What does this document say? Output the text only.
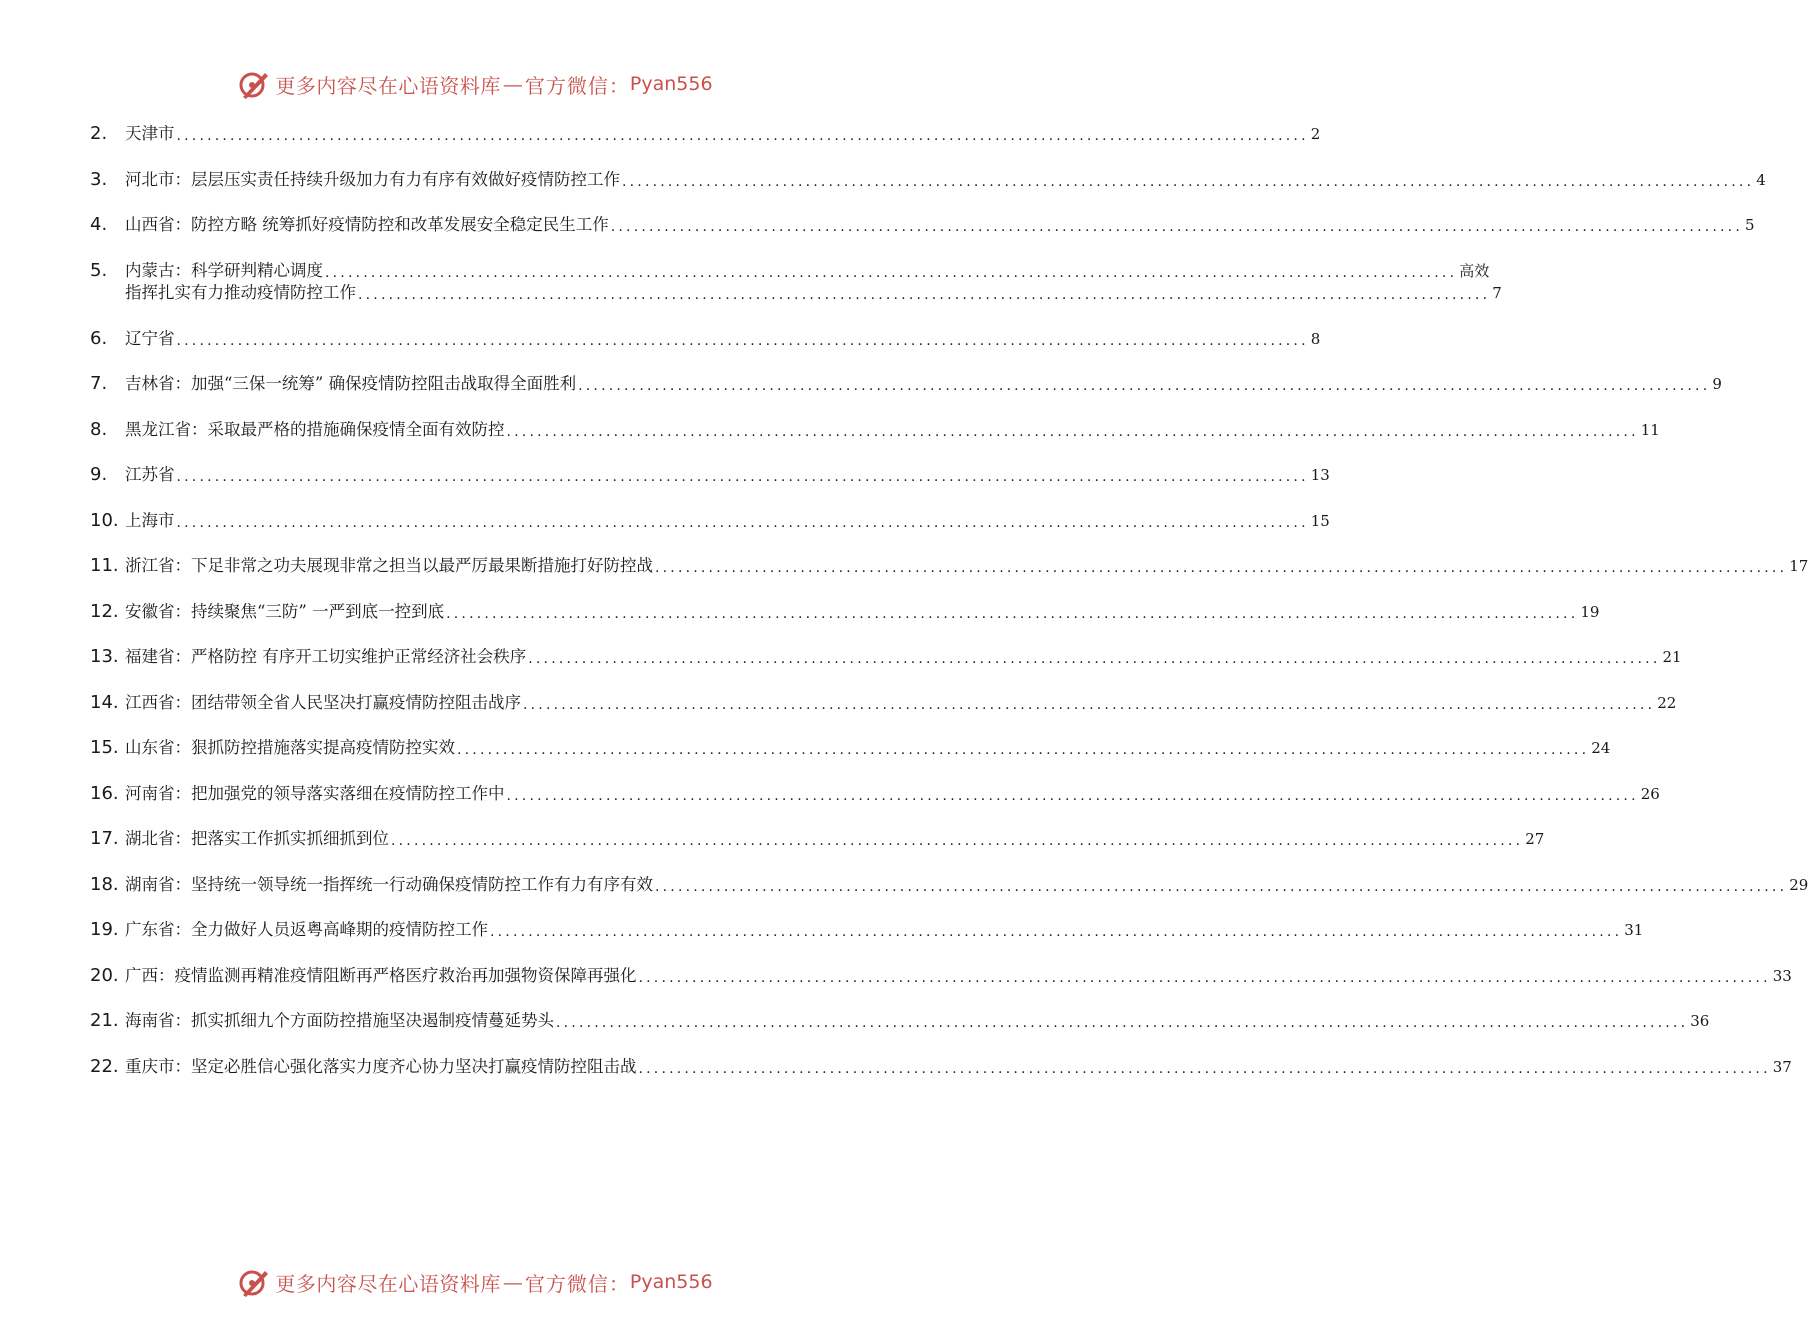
更多内容尽在心语资料库 — 官方微信： Pyan556
2.	天津市 .................................................................................................................................................... 2
3.	河北市：层层压实责任持续升级加力有力有序有效做好疫情防控工作 .................................................................................................................................................... 4
4.	山西省：防控方略 统筹抓好疫情防控和改革发展安全稳定民生工作 .................................................................................................................................................... 5
5.	内蒙古：科学研判精心调度 .................................................................................................................................................... 高效
指挥扎实有力推动疫情防控工作 .................................................................................................................................................... 7
6.	辽宁省 .................................................................................................................................................... 8
7.	吉林省：加强“三保一统筹” 确保疫情防控阻击战取得全面胜利 .................................................................................................................................................... 9
8.	黑龙江省：采取最严格的措施确保疫情全面有效防控 .................................................................................................................................................... 11
9.	江苏省 .................................................................................................................................................... 13
10. 上海市 .................................................................................................................................................... 15
11. 浙江省：下足非常之功夫展现非常之担当以最严厉最果断措施打好防控战 .................................................................................................................................................... 17
12. 安徽省：持续聚焦“三防” 一严到底一控到底 .................................................................................................................................................... 19
13. 福建省：严格防控 有序开工切实维护正常经济社会秩序 .................................................................................................................................................... 21
14. 江西省：团结带领全省人民坚决打赢疫情防控阻击战序 .................................................................................................................................................... 22
15. 山东省：狠抓防控措施落实提高疫情防控实效 .................................................................................................................................................... 24
16. 河南省：把加强党的领导落实落细在疫情防控工作中 .................................................................................................................................................... 26
17. 湖北省：把落实工作抓实抓细抓到位 .................................................................................................................................................... 27
18. 湖南省：坚持统一领导统一指挥统一行动确保疫情防控工作有力有序有效 .................................................................................................................................................... 29
19. 广东省：全力做好人员返粤高峰期的疫情防控工作 .................................................................................................................................................... 31
20. 广西：疫情监测再精准疫情阻断再严格医疗救治再加强物资保障再强化 .................................................................................................................................................... 33
21. 海南省：抓实抓细九个方面防控措施坚决遏制疫情蔓延势头 .................................................................................................................................................... 36
22. 重庆市：坚定必胜信心强化落实力度齐心协力坚决打赢疫情防控阻击战 .................................................................................................................................................... 37
更多内容尽在心语资料库 — 官方微信： Pyan556
